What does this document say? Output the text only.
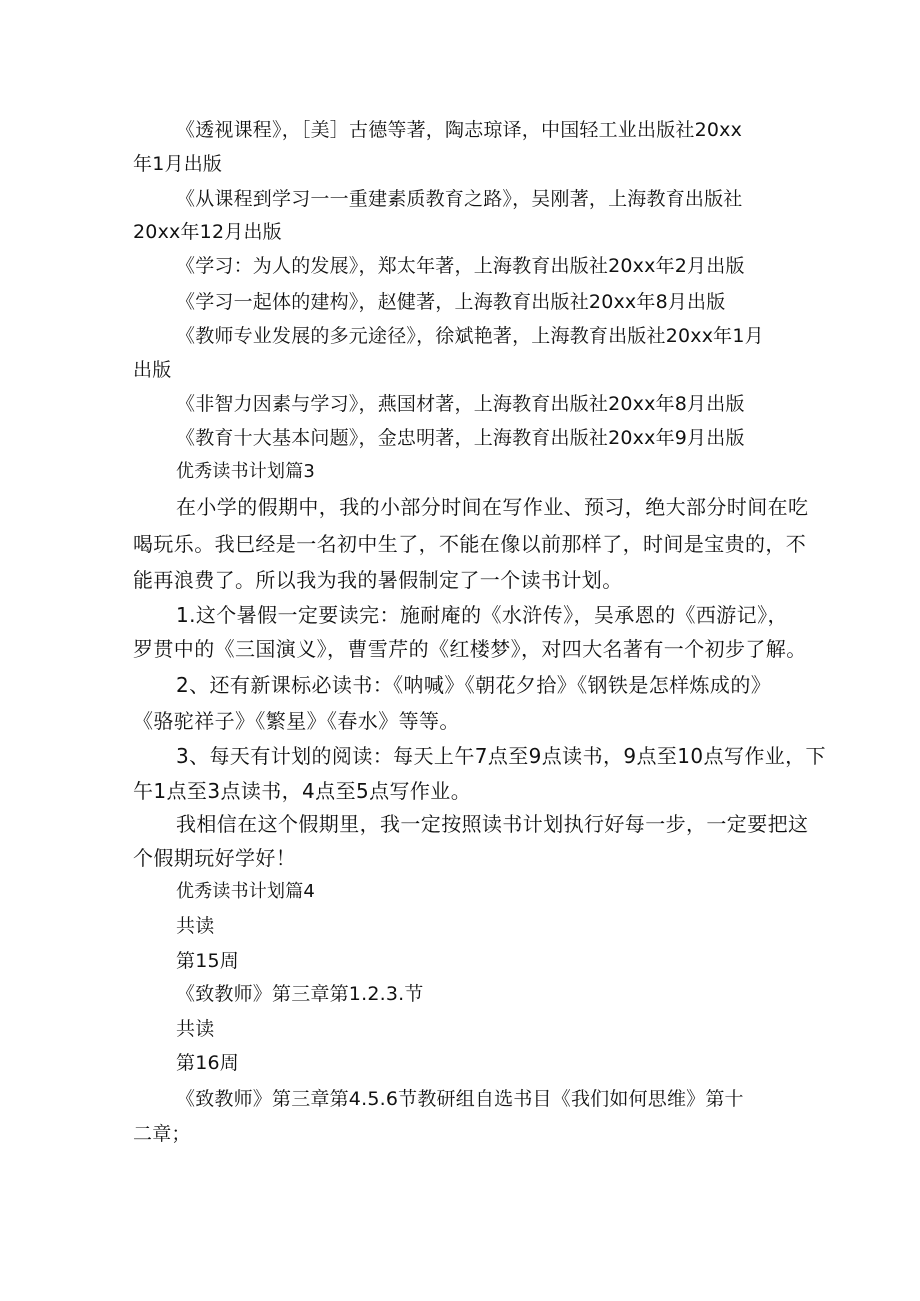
《透视课程》，［美］古德等著，陶志琼译，中国轻工业出版社20xx
年1月出版
《从课程到学习一一重建素质教育之路》，吴刚著，上海教育出版社
20xx年12月出版
《学习：为人的发展》，郑太年著，上海教育出版社20xx年2月出版
《学习一起体的建构》，赵健著，上海教育出版社20xx年8月出版
《教师专业发展的多元途径》，徐斌艳著，上海教育出版社20xx年1月
出版
《非智力因素与学习》，燕国材著，上海教育出版社20xx年8月出版
《教育十大基本问题》，金忠明著，上海教育出版社20xx年9月出版
优秀读书计划篇3
在小学的假期中，我的小部分时间在写作业、预习，绝大部分时间在吃
喝玩乐。我巳经是一名初中生了，不能在像以前那样了，时间是宝贵的，不
能再浪费了。所以我为我的暑假制定了一个读书计划。
1.这个暑假一定要读完：施耐庵的《水浒传》，吴承恩的《西游记》，
罗贯中的《三国演义》，曹雪芹的《红楼梦》，对四大名著有一个初步了解。
2、还有新课标必读书：《呐喊》《朝花夕拾》《钢铁是怎样炼成的》
《骆驼祥子》《繁星》《春水》等等。
3、每天有计划的阅读：每天上午7点至9点读书，9点至10点写作业，下
午1点至3点读书，4点至5点写作业。
我相信在这个假期里，我一定按照读书计划执行好每一步，一定要把这
个假期玩好学好！
优秀读书计划篇4
共读
第15周
《致教师》第三章第1.2.3.节
共读
第16周
《致教师》第三章第4.5.6节教研组自选书目《我们如何思维》第十
二章；
